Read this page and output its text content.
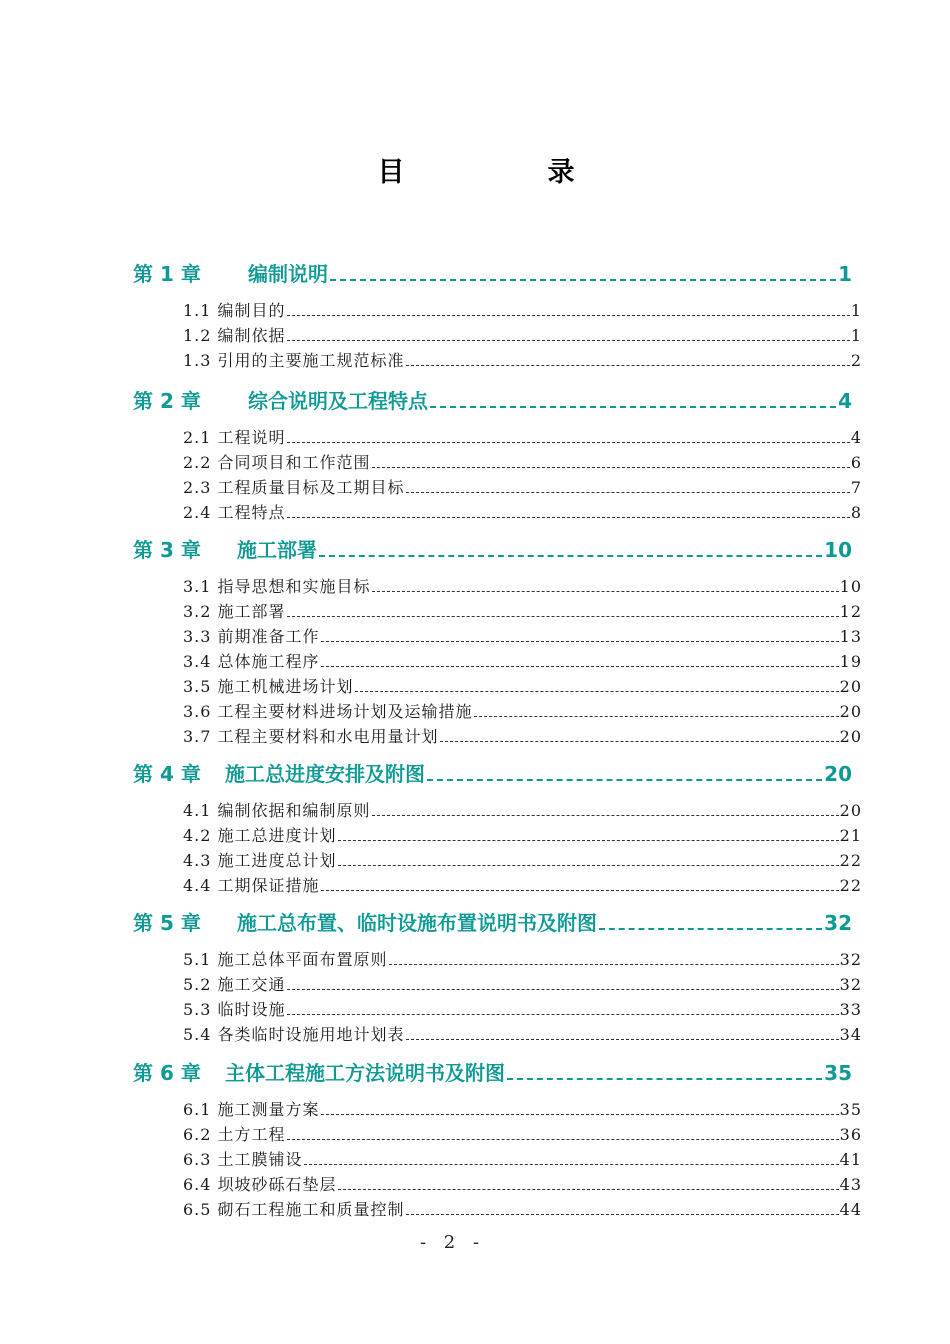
目　录
第 1 章	编制说明	1
1.1 编制目的	1
1.2 编制依据	1
1.3 引用的主要施工规范标准	2
第 2 章	综合说明及工程特点	4
2.1 工程说明	4
2.2 合同项目和工作范围	6
2.3 工程质量目标及工期目标	7
2.4 工程特点	8
第 3 章	施工部署	10
3.1 指导思想和实施目标	10
3.2 施工部署	12
3.3 前期准备工作	13
3.4 总体施工程序	19
3.5 施工机械进场计划	20
3.6 工程主要材料进场计划及运输措施	20
3.7 工程主要材料和水电用量计划	20
第 4 章	施工总进度安排及附图	20
4.1 编制依据和编制原则	20
4.2 施工总进度计划	21
4.3 施工进度总计划	22
4.4 工期保证措施	22
第 5 章	施工总布置、临时设施布置说明书及附图	32
5.1 施工总体平面布置原则	32
5.2 施工交通	32
5.3 临时设施	33
5.4 各类临时设施用地计划表	34
第 6 章	主体工程施工方法说明书及附图	35
6.1 施工测量方案	35
6.2 土方工程	36
6.3 土工膜铺设	41
6.4 坝坡砂砾石垫层	43
6.5 砌石工程施工和质量控制	44
- 2 -
